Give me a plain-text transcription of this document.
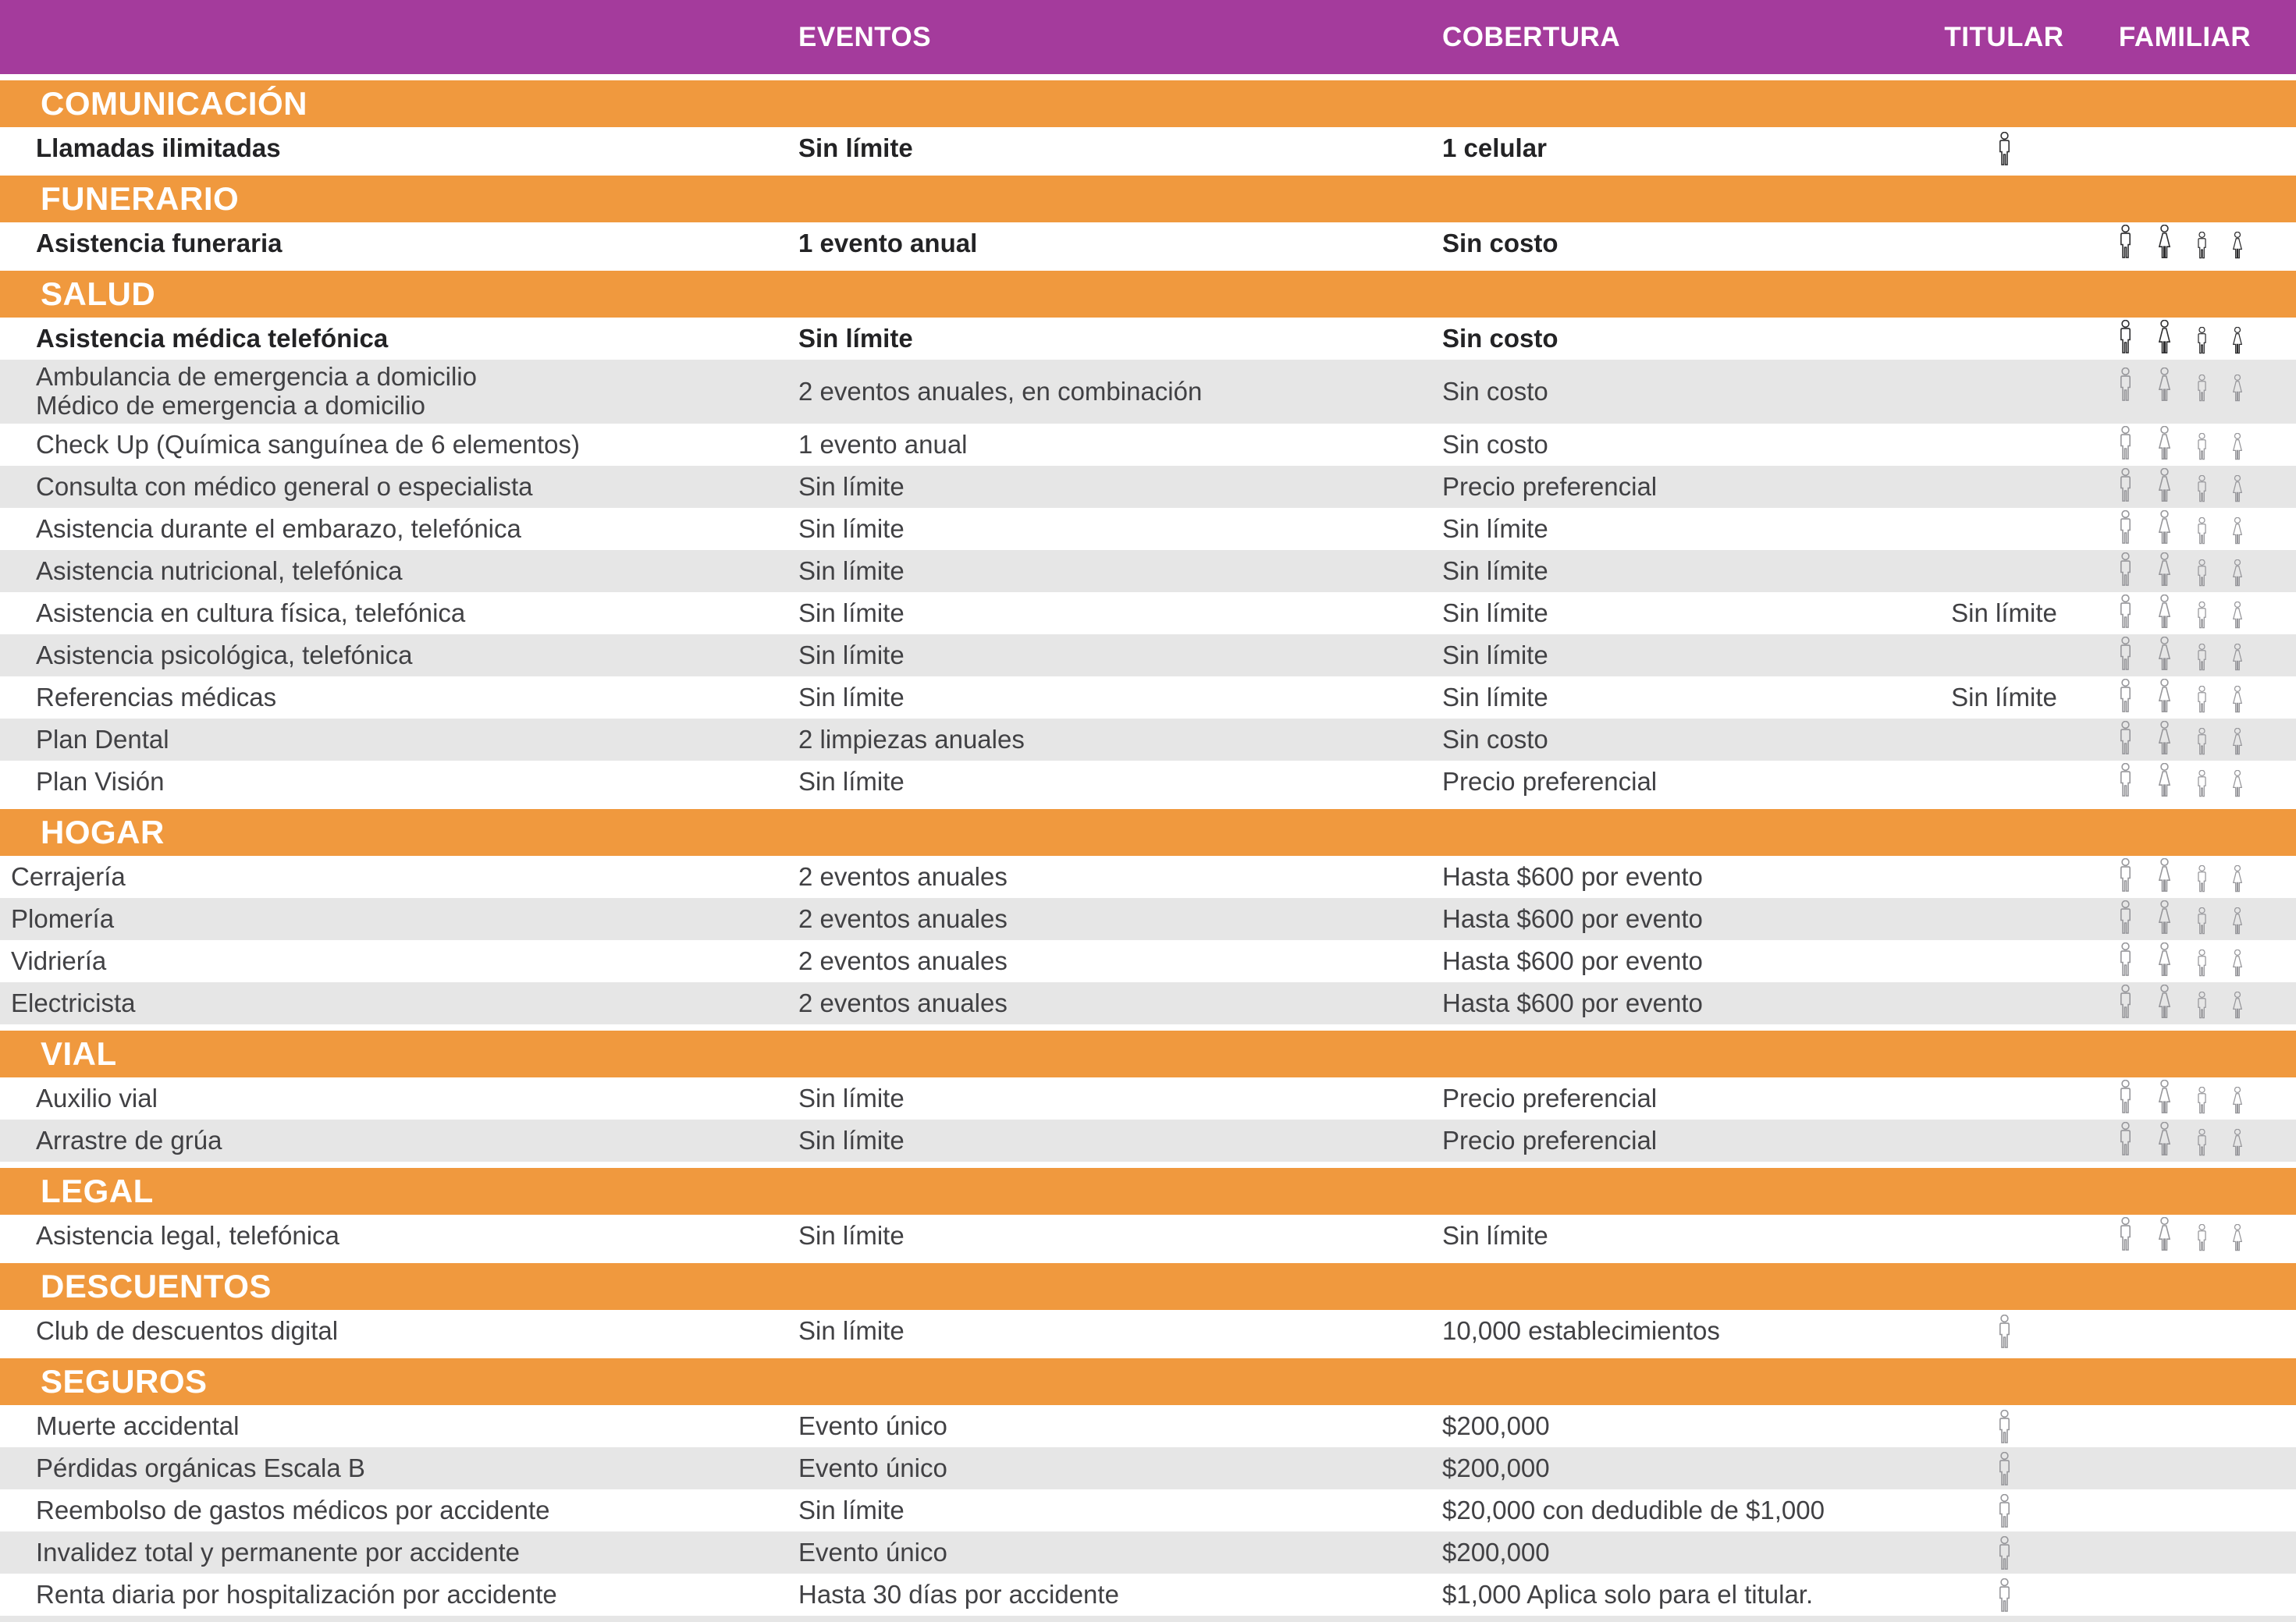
EVENTOS	COBERTURA	TITULAR	FAMILIAR
COMUNICACIÓN
Llamadas ilimitadas	Sin límite	1 celular
FUNERARIO
Asistencia funeraria	1 evento anual	Sin costo
SALUD
Asistencia médica telefónica	Sin límite	Sin costo
Ambulancia de emergencia a domicilio
Médico de emergencia a domicilio	2 eventos anuales, en combinación	Sin costo
Check Up (Química sanguínea de 6 elementos)	1 evento anual	Sin costo
Consulta con médico general o especialista	Sin límite	Precio preferencial
Asistencia durante el embarazo, telefónica	Sin límite	Sin límite
Asistencia nutricional, telefónica	Sin límite	Sin límite
Asistencia en cultura física, telefónica	Sin límite	Sin límite	Sin límite
Asistencia psicológica, telefónica	Sin límite	Sin límite
Referencias médicas	Sin límite	Sin límite	Sin límite
Plan Dental	2 limpiezas anuales	Sin costo
Plan Visión	Sin límite	Precio preferencial
HOGAR
Cerrajería	2 eventos anuales	Hasta $600 por evento
Plomería	2 eventos anuales	Hasta $600 por evento
Vidriería	2 eventos anuales	Hasta $600 por evento
Electricista	2 eventos anuales	Hasta $600 por evento
VIAL
Auxilio vial	Sin límite	Precio preferencial
Arrastre de grúa	Sin límite	Precio preferencial
LEGAL
Asistencia legal, telefónica	Sin límite	Sin límite
DESCUENTOS
Club de descuentos digital	Sin límite	10,000 establecimientos
SEGUROS
Muerte accidental	Evento único	$200,000
Pérdidas orgánicas Escala B	Evento único	$200,000
Reembolso de gastos médicos por accidente	Sin límite	$20,000 con dedudible de $1,000
Invalidez total y permanente por accidente	Evento único	$200,000
Renta diaria por hospitalización por accidente	Hasta 30 días por accidente	$1,000 Aplica solo para el titular.
